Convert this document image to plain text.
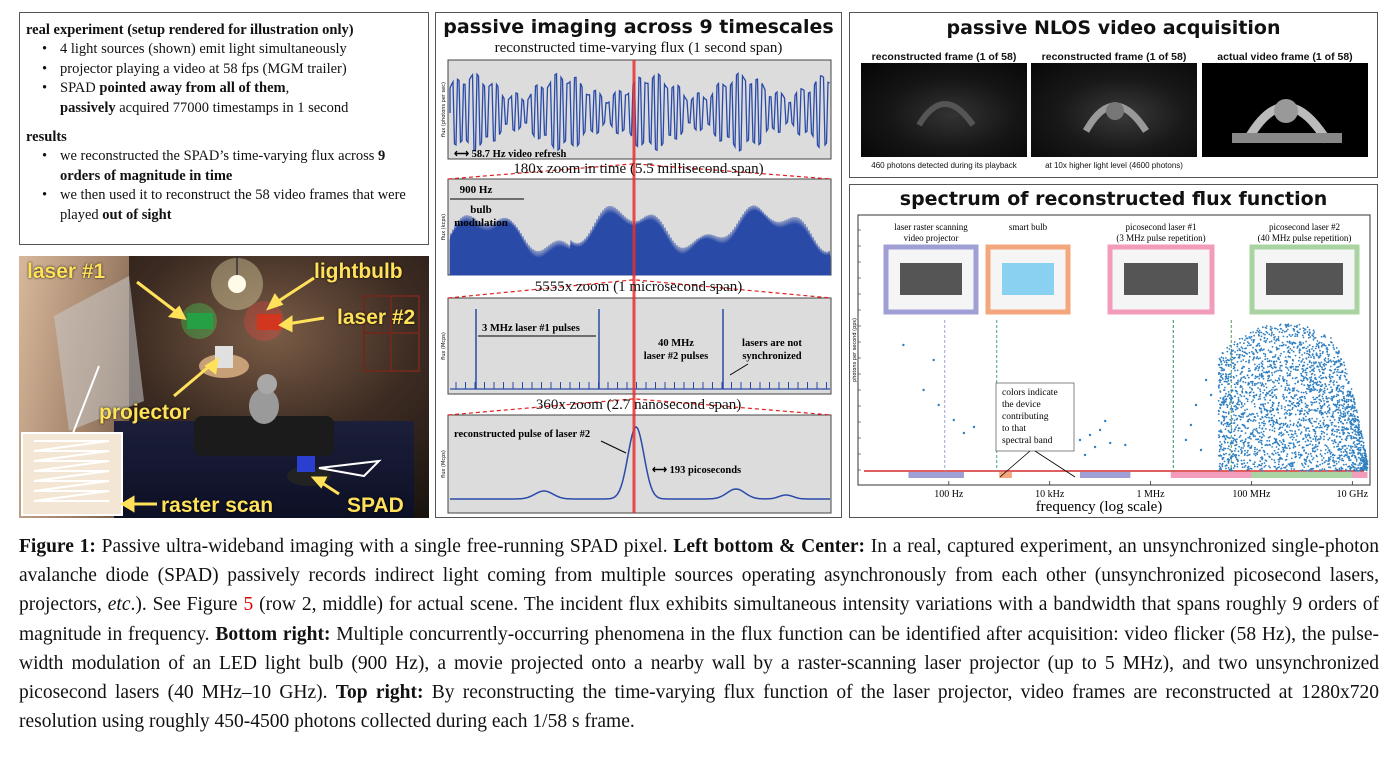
real experiment (setup rendered for illustration only)
• 4 light sources (shown) emit light simultaneously
• projector playing a video at 58 fps (MGM trailer)
• SPAD pointed away from all of them,
passively acquired 77000 timestamps in 1 second
results
• we reconstructed the SPAD’s time-varying flux across 9 orders of magnitude in time
• we then used it to reconstruct the 58 video frames that were played out of sight
laser #1	lightbulb
laser #2
projector
raster scan	SPAD
flux (photons per sec)
flux (kcps)
flux (Mcps)
flux (Mcps)
⟷ 58.7 Hz video refresh
900 Hz
bulb
modulation
3 MHz laser #1 pulses
40 MHz
laser #2 pulses
lasers are not
synchronized
reconstructed pulse of laser #2
⟷ 193 picoseconds
passive imaging across 9 timescales
reconstructed time-varying flux (1 second span)
180x zoom in time (5.5 millisecond span)
5555x zoom (1 microsecond span)
360x zoom (2.7 nanosecond span)
passive NLOS video acquisition
reconstructed frame (1 of 58)	reconstructed frame (1 of 58)	actual video frame (1 of 58)
460 photons detected during its playback	at 10x higher light level (4600 photons)
photons per second (pps)
100 Hz	10 kHz	1 MHz	100 MHz	10 GHz
frequency (log scale)
laser raster scanning
video projector
smart bulb	picosecond laser #1
(3 MHz pulse repetition)
picosecond laser #2
(40 MHz pulse repetition)
colors indicate
the device
contributing
to that
spectral band
spectrum of reconstructed flux function
Figure 1: Passive ultra-wideband imaging with a single free-running SPAD pixel. Left bottom & Center: In a real, captured experiment, an unsynchronized single-photon avalanche diode (SPAD) passively records indirect light coming from multiple sources operating asynchronously from each other (unsynchronized picosecond lasers, projectors, etc.). See Figure 5 (row 2, middle) for actual scene. The incident flux exhibits simultaneous intensity variations with a bandwidth that spans roughly 9 orders of magnitude in frequency. Bottom right: Multiple concurrently-occurring phenomena in the flux function can be identified after acquisition: video flicker (58 Hz), the pulse-width modulation of an LED light bulb (900 Hz), a movie projected onto a nearby wall by a raster-scanning laser projector (up to 5 MHz), and two unsynchronized picosecond lasers (40 MHz–10 GHz). Top right: By reconstructing the time-varying flux function of the laser projector, video frames are reconstructed at 1280x720 resolution using roughly 450-4500 photons collected during each 1/58 s frame.
